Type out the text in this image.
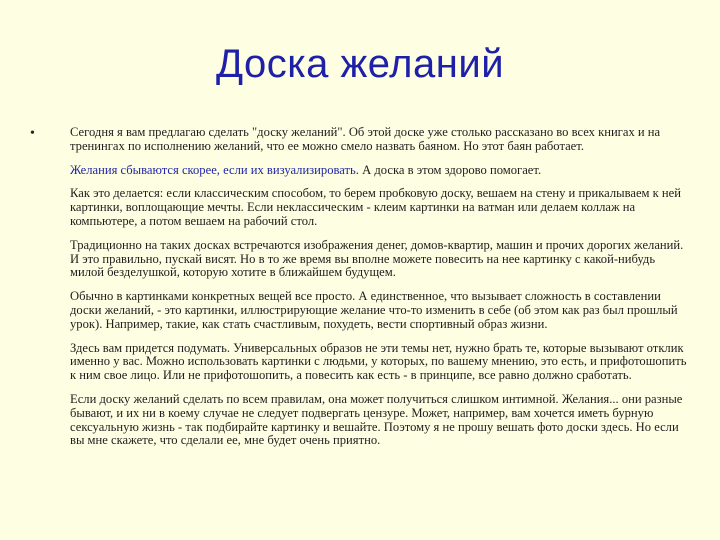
Доска желаний
•	Сегодня я вам предлагаю сделать "доску желаний". Об этой доске уже столько рассказано во всех книгах и на тренингах по исполнению желаний, что ее можно смело назвать баяном. Но этот баян работает.

Желания сбываются скорее, если их визуализировать. А доска в этом здорово помогает.

Как это делается: если классическим способом, то берем пробковую доску, вешаем на стену и прикалываем к ней картинки, воплощающие мечты. Если неклассическим - клеим картинки на ватман или делаем коллаж на компьютере, а потом вешаем на рабочий стол.

Традиционно на таких досках встречаются изображения денег, домов-квартир, машин и прочих дорогих желаний. И это правильно, пускай висят. Но в то же время вы вполне можете повесить на нее картинку с какой-нибудь милой безделушкой, которую хотите в ближайшем будущем.

Обычно в картинками конкретных вещей все просто. А единственное, что вызывает сложность в составлении доски желаний, - это картинки, иллюстрирующие желание что-то изменить в себе (об этом как раз был прошлый урок). Например, такие, как стать счастливым, похудеть, вести спортивный образ жизни.

Здесь вам придется подумать. Универсальных образов не эти темы нет, нужно брать те, которые вызывают отклик именно у вас. Можно использовать картинки с людьми, у которых, по вашему мнению, это есть, и прифотошопить к ним свое лицо. Или не прифотошопить, а повесить как есть - в принципе, все равно должно сработать.

Если доску желаний сделать по всем правилам, она может получиться слишком интимной. Желания... они разные бывают, и их ни в коему случае не следует подвергать цензуре. Может, например, вам хочется иметь бурную сексуальную жизнь - так подбирайте картинку и вешайте. Поэтому я не прошу вешать фото доски здесь. Но если вы мне скажете, что сделали ее, мне будет очень приятно.
